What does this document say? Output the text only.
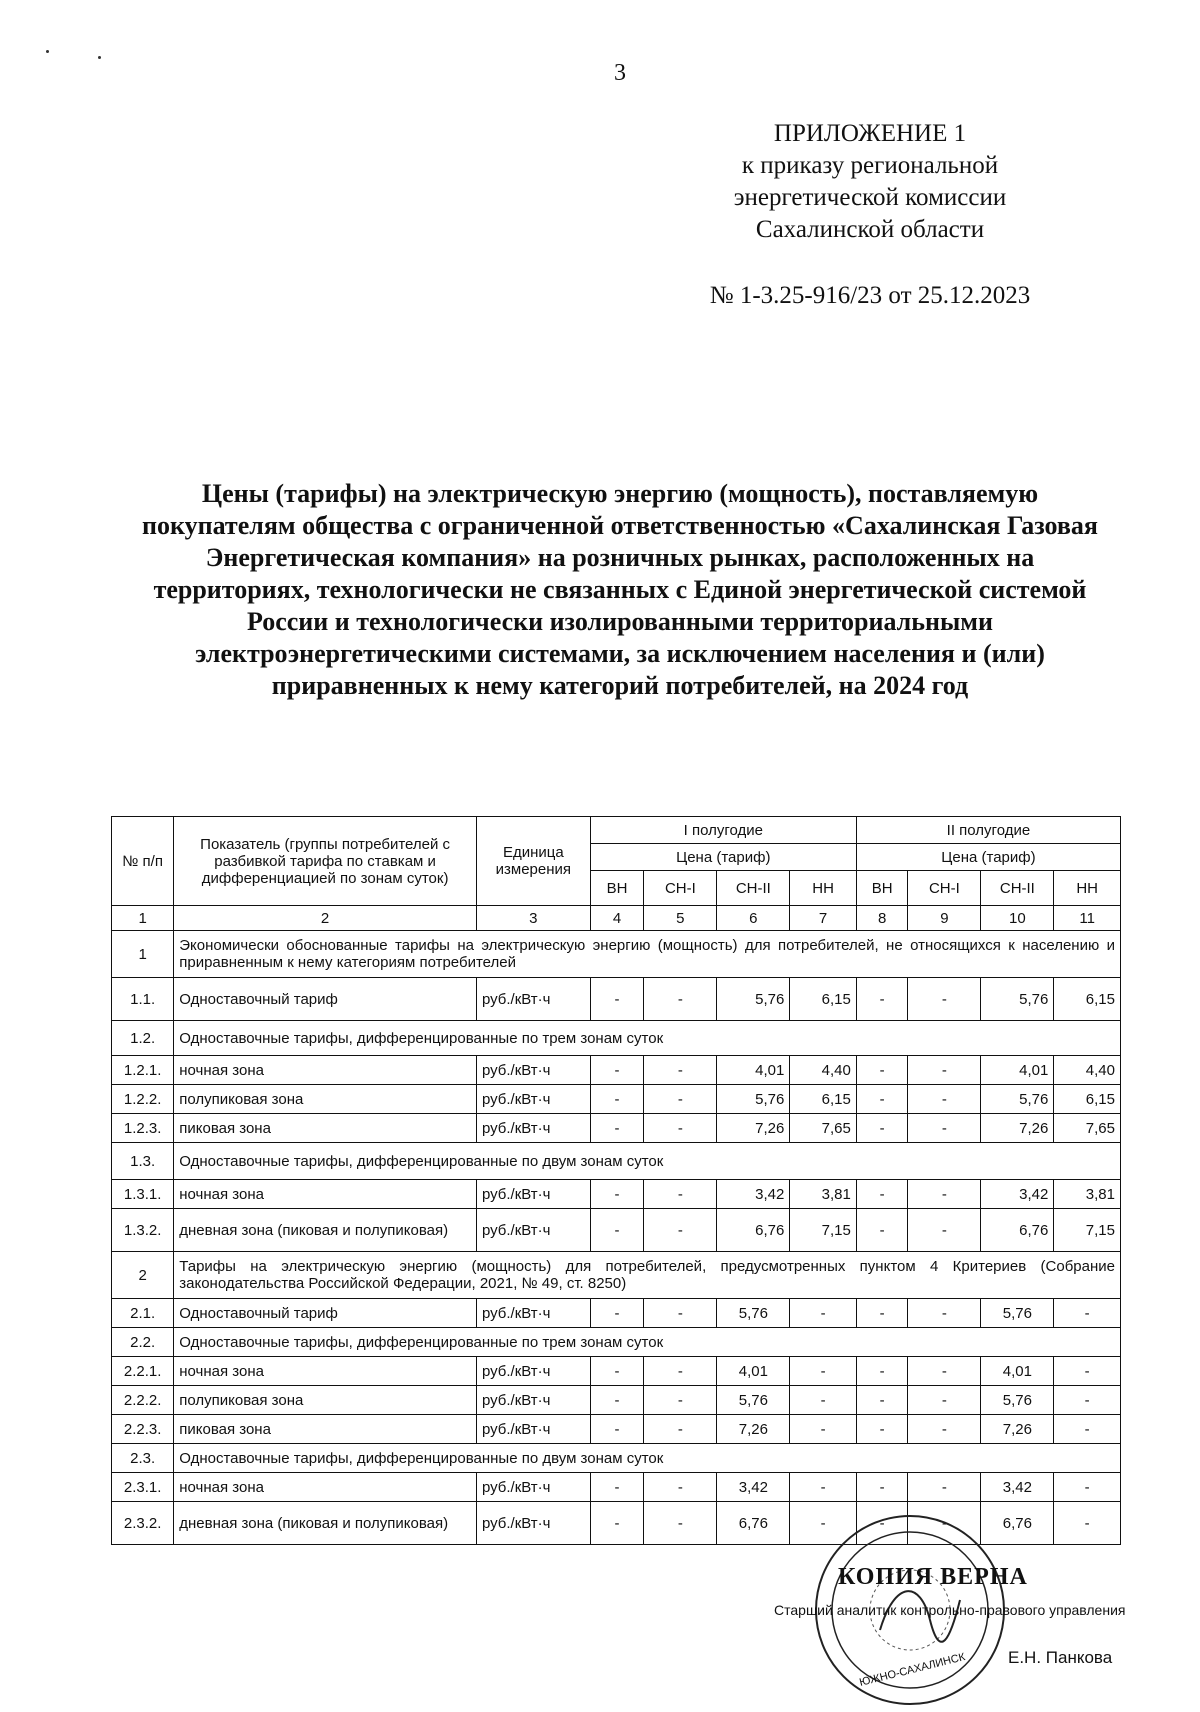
3
ПРИЛОЖЕНИЕ 1
к приказу региональной
энергетической комиссии
Сахалинской области
№ 1-3.25-916/23 от 25.12.2023
Цены (тарифы) на электрическую энергию (мощность), поставляемую покупателям общества с ограниченной ответственностью «Сахалинская Газовая Энергетическая компания» на розничных рынках, расположенных на территориях, технологически не связанных с Единой энергетической системой России и технологически изолированными территориальными электроэнергетическими системами, за исключением населения и (или) приравненных к нему категорий потребителей, на 2024 год
№ п/п	Показатель (группы потребителей с разбивкой тарифа по ставкам и дифференциацией по зонам суток)	Единица измерения	I полугодие				II полугодие			
			Цена (тариф)				Цена (тариф)			
			ВН	СН-I	СН-II	НН	ВН	СН-I	СН-II	НН
1	2	3	4	5	6	7	8	9	10	11
1	Экономически обоснованные тарифы на электрическую энергию (мощность) для потребителей, не относящихся к населению и приравненным к нему категориям потребителей									
1.1.	Одноставочный тариф	руб./кВт·ч	-	-	5,76	6,15	-	-	5,76	6,15
1.2.	Одноставочные тарифы, дифференцированные по трем зонам суток									
1.2.1.	ночная зона	руб./кВт·ч	-	-	4,01	4,40	-	-	4,01	4,40
1.2.2.	полупиковая зона	руб./кВт·ч	-	-	5,76	6,15	-	-	5,76	6,15
1.2.3.	пиковая зона	руб./кВт·ч	-	-	7,26	7,65	-	-	7,26	7,65
1.3.	Одноставочные тарифы, дифференцированные по двум зонам суток									
1.3.1.	ночная зона	руб./кВт·ч	-	-	3,42	3,81	-	-	3,42	3,81
1.3.2.	дневная зона (пиковая и полупиковая)	руб./кВт·ч	-	-	6,76	7,15	-	-	6,76	7,15
2	Тарифы на электрическую энергию (мощность) для потребителей, предусмотренных пунктом 4 Критериев (Собрание законодательства Российской Федерации, 2021, № 49, ст. 8250)									
2.1.	Одноставочный тариф	руб./кВт·ч	-	-	5,76	-	-	-	5,76	-
2.2.	Одноставочные тарифы, дифференцированные по трем зонам суток									
2.2.1.	ночная зона	руб./кВт·ч	-	-	4,01	-	-	-	4,01	-
2.2.2.	полупиковая зона	руб./кВт·ч	-	-	5,76	-	-	-	5,76	-
2.2.3.	пиковая зона	руб./кВт·ч	-	-	7,26	-	-	-	7,26	-
2.3.	Одноставочные тарифы, дифференцированные по двум зонам суток									
2.3.1.	ночная зона	руб./кВт·ч	-	-	3,42	-	-	-	3,42	-
2.3.2.	дневная зона (пиковая и полупиковая)	руб./кВт·ч	-	-	6,76	-	-	-	6,76	-
КОПИЯ ВЕРНА
Старший аналитик контрольно-правового управления
Е.Н. Панкова
ЮЖНО-САХАЛИНСК
